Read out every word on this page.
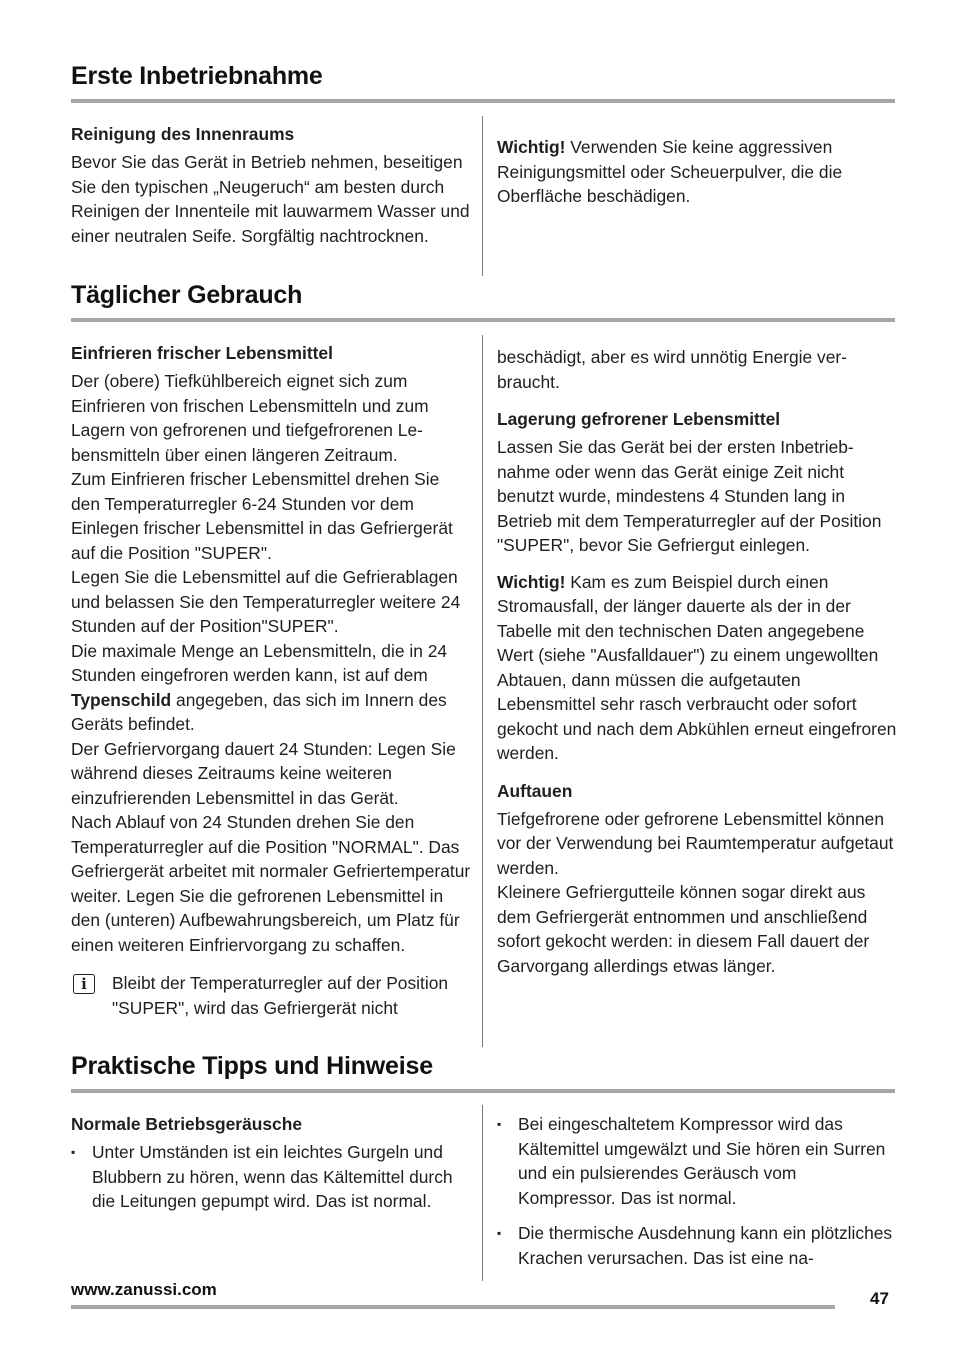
Erste Inbetriebnahme

Reinigung des Innenraums

Bevor Sie das Gerät in Betrieb nehmen, beseitigen Sie den typischen „Neugeruch“ am besten durch Reinigen der Innenteile mit lauwarmem Wasser und einer neutralen Seife. Sorgfältig nachtrocknen.

Wichtig! Verwenden Sie keine aggressiven Reinigungsmittel oder Scheuerpulver, die die Oberfläche beschädigen.

Täglicher Gebrauch

Einfrieren frischer Lebensmittel

Der (obere) Tiefkühlbereich eignet sich zum Einfrieren von frischen Lebensmitteln und zum Lagern von gefrorenen und tiefgefrorenen Lebensmitteln über einen längeren Zeitraum.

Zum Einfrieren frischer Lebensmittel drehen Sie den Temperaturregler 6-24 Stunden vor dem Einlegen frischer Lebensmittel in das Gefriergerät auf die Position "SUPER".

Legen Sie die Lebensmittel auf die Gefrierablagen und belassen Sie den Temperaturregler weitere 24 Stunden auf der Position"SUPER".

Die maximale Menge an Lebensmitteln, die in 24 Stunden eingefroren werden kann, ist auf dem Typenschild angegeben, das sich im Innern des Geräts befindet.

Der Gefriervorgang dauert 24 Stunden: Legen Sie während dieses Zeitraums keine weiteren einzufrierenden Lebensmittel in das Gerät.

Nach Ablauf von 24 Stunden drehen Sie den Temperaturregler auf die Position "NORMAL". Das Gefriergerät arbeitet mit normaler Gefriertemperatur weiter. Legen Sie die gefrorenen Lebensmittel in den (unteren) Aufbewahrungsbereich, um Platz für einen weiteren Einfriervorgang zu schaffen.

i	Bleibt der Temperaturregler auf der Position "SUPER", wird das Gefriergerät nicht

beschädigt, aber es wird unnötig Energie verbraucht.

Lagerung gefrorener Lebensmittel

Lassen Sie das Gerät bei der ersten Inbetriebnahme oder wenn das Gerät einige Zeit nicht benutzt wurde, mindestens 4 Stunden lang in Betrieb mit dem Temperaturregler auf der Position "SUPER", bevor Sie Gefriergut einlegen.

Wichtig! Kam es zum Beispiel durch einen Stromausfall, der länger dauerte als der in der Tabelle mit den technischen Daten angegebene Wert (siehe "Ausfalldauer") zu einem ungewollten Abtauen, dann müssen die aufgetauten Lebensmittel sehr rasch verbraucht oder sofort gekocht und nach dem Abkühlen erneut eingefroren werden.

Auftauen

Tiefgefrorene oder gefrorene Lebensmittel können vor der Verwendung bei Raumtemperatur aufgetaut werden.

Kleinere Gefriergutteile können sogar direkt aus dem Gefriergerät entnommen und anschließend sofort gekocht werden: in diesem Fall dauert der Garvorgang allerdings etwas länger.

Praktische Tipps und Hinweise

Normale Betriebsgeräusche

▪ Unter Umständen ist ein leichtes Gurgeln und Blubbern zu hören, wenn das Kältemittel durch die Leitungen gepumpt wird. Das ist normal.
▪ Bei eingeschaltetem Kompressor wird das Kältemittel umgewälzt und Sie hören ein Surren und ein pulsierendes Geräusch vom Kompressor. Das ist normal.
▪ Die thermische Ausdehnung kann ein plötzliches Krachen verursachen. Das ist eine na-
www.zanussi.com	47
